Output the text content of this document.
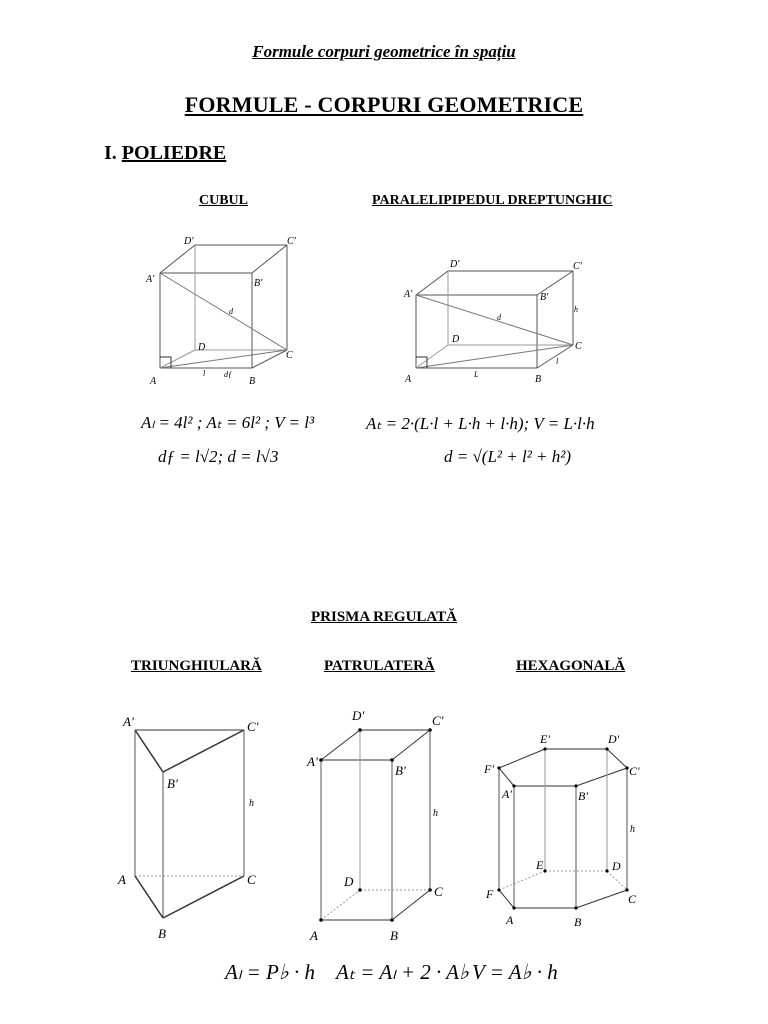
Formule corpuri geometrice în spațiu
FORMULE - CORPURI GEOMETRICE
I. POLIEDRE
CUBUL
A	B
C
D
A'	B'
C'
D'
d
dƒ
l
Aₗ = 4l² ; Aₜ = 6l² ; V = l³
dƒ = l√2; d = l√3
PARALELIPIPEDUL DREPTUNGHIC
A	B
C
D
A'	B'
C'
D'
d
L
l
h
Aₜ = 2·(L·l + L·h + l·h); V = L·l·h
d = √(L² + l² + h²)
PRISMA REGULATĂ
TRIUNGHIULARĂ	PATRULATERĂ	HEXAGONALĂ
A
B
C
A'
B'
C'
h
A	B
C
D
A'
B'
C'
D'
h
A	B
C
D
E
F
A'	B'
C'
D'
E'
F'
h
Aₗ = P♭ · h Aₜ = Aₗ + 2 · A♭ V = A♭ · h
